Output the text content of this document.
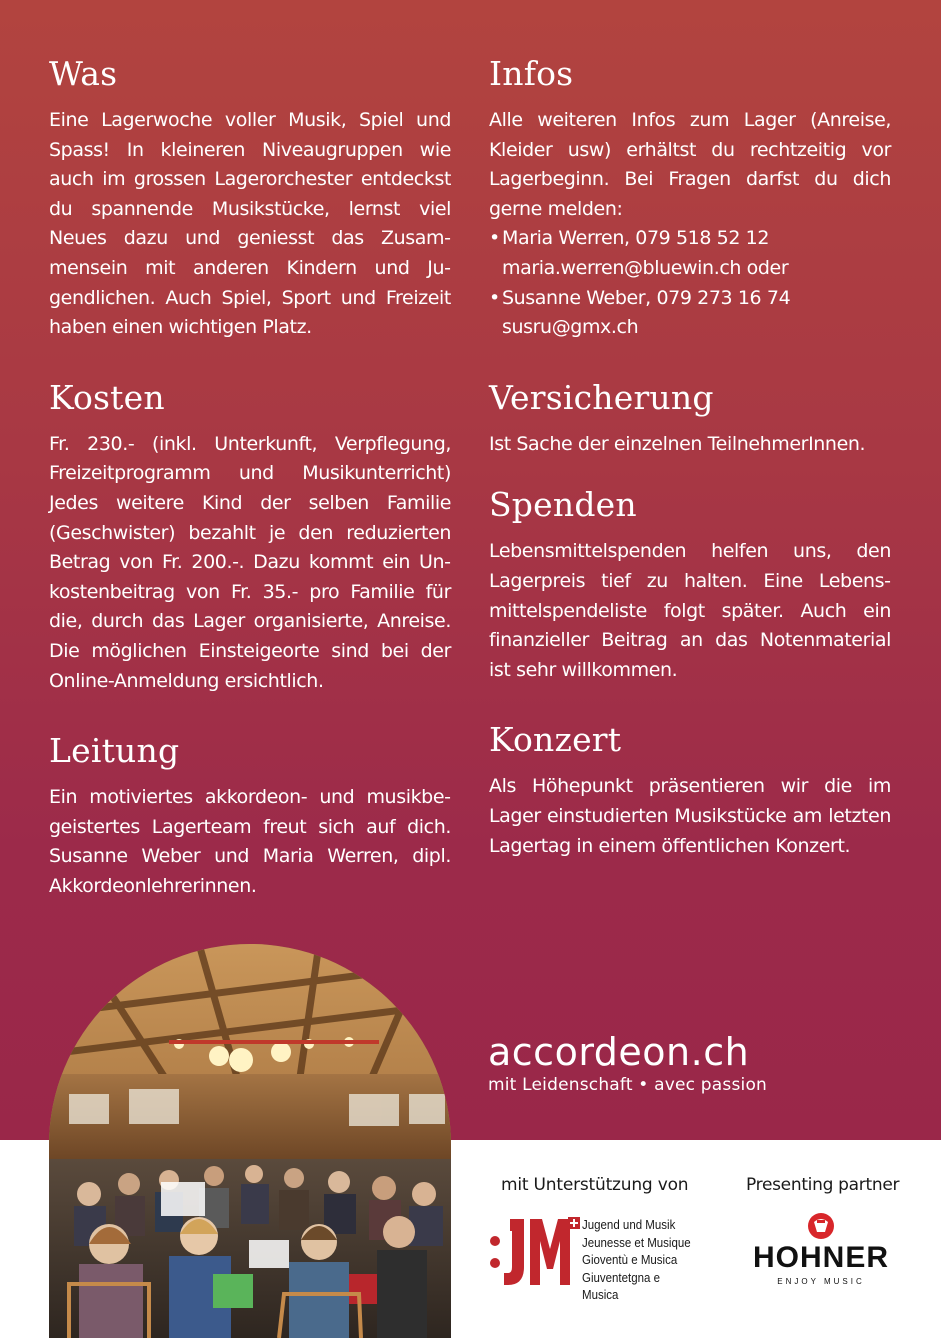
Was

Eine Lagerwoche voller Musik, Spiel und Spass! In kleineren Niveaugruppen wie auch im grossen Lagerorchester entdeckst du spannende Musikstücke, lernst viel Neues dazu und geniesst das Zusammensein mit anderen Kindern und Jugendlichen. Auch Spiel, Sport und Freizeit haben einen wichtigen Platz.

Kosten

Fr. 230.- (inkl. Unterkunft, Verpflegung, Freizeitprogramm und Musikunterricht) Jedes weitere Kind der selben Familie (Geschwister) bezahlt je den reduzierten Betrag von Fr. 200.-. Dazu kommt ein Unkostenbeitrag von Fr. 35.- pro Familie für die, durch das Lager organisierte, Anreise. Die möglichen Einsteigeorte sind bei der Online-Anmeldung ersichtlich.

Leitung

Ein motiviertes akkordeon- und musikbegeistertes Lagerteam freut sich auf dich. Susanne Weber und Maria Werren, dipl. Akkordeonlehrerinnen.

Infos

Alle weiteren Infos zum Lager (Anreise, Kleider usw) erhältst du rechtzeitig vor Lagerbeginn. Bei Fragen darfst du dich gerne melden:

• Maria Werren, 079 518 52 12
maria.werren@bluewin.ch oder
• Susanne Weber, 079 273 16 74
susru@gmx.ch
Versicherung

Ist Sache der einzelnen TeilnehmerInnen.

Spenden

Lebensmittelspenden helfen uns, den Lagerpreis tief zu halten. Eine Lebensmittelspendeliste folgt später. Auch ein finanzieller Beitrag an das Notenmaterial ist sehr willkommen.

Konzert

Als Höhepunkt präsentieren wir die im Lager einstudierten Musikstücke am letzten Lagertag in einem öffentlichen Konzert.

accordeon.ch
mit Leidenschaft • avec passion
mit Unterstützung von	Presenting partner
Jugend und Musik
Jeunesse et Musique
Gioventù e Musica
Giuventetgna e Musica
HOHNER
ENJOY MUSIC
